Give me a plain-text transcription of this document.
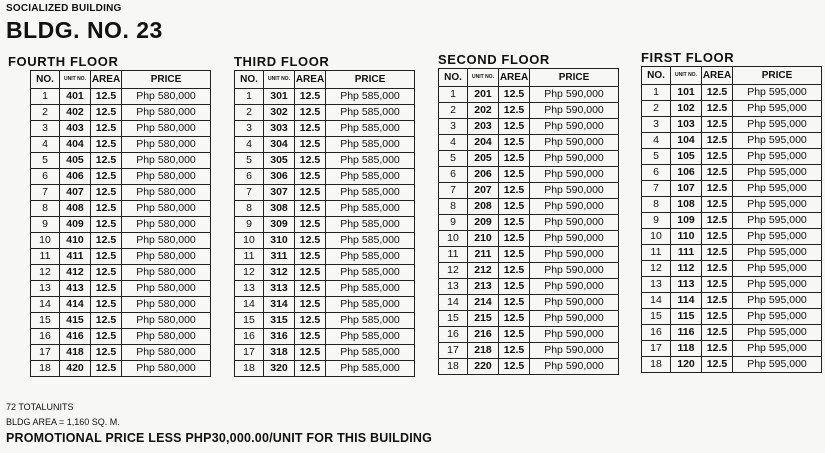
SOCIALIZED BUILDING
BLDG. NO. 23
FOURTH FLOOR
NO.	UNIT NO.	AREA	PRICE
1	401	12.5	Php 580,000
2	402	12.5	Php 580,000
3	403	12.5	Php 580,000
4	404	12.5	Php 580,000
5	405	12.5	Php 580,000
6	406	12.5	Php 580,000
7	407	12.5	Php 580,000
8	408	12.5	Php 580,000
9	409	12.5	Php 580,000
10	410	12.5	Php 580,000
11	411	12.5	Php 580,000
12	412	12.5	Php 580,000
13	413	12.5	Php 580,000
14	414	12.5	Php 580,000
15	415	12.5	Php 580,000
16	416	12.5	Php 580,000
17	418	12.5	Php 580,000
18	420	12.5	Php 580,000
THIRD FLOOR
NO.	UNIT NO.	AREA	PRICE
1	301	12.5	Php 585,000
2	302	12.5	Php 585,000
3	303	12.5	Php 585,000
4	304	12.5	Php 585,000
5	305	12.5	Php 585,000
6	306	12.5	Php 585,000
7	307	12.5	Php 585,000
8	308	12.5	Php 585,000
9	309	12.5	Php 585,000
10	310	12.5	Php 585,000
11	311	12.5	Php 585,000
12	312	12.5	Php 585,000
13	313	12.5	Php 585,000
14	314	12.5	Php 585,000
15	315	12.5	Php 585,000
16	316	12.5	Php 585,000
17	318	12.5	Php 585,000
18	320	12.5	Php 585,000
SECOND FLOOR
NO.	UNIT NO.	AREA	PRICE
1	201	12.5	Php 590,000
2	202	12.5	Php 590,000
3	203	12.5	Php 590,000
4	204	12.5	Php 590,000
5	205	12.5	Php 590,000
6	206	12.5	Php 590,000
7	207	12.5	Php 590,000
8	208	12.5	Php 590,000
9	209	12.5	Php 590,000
10	210	12.5	Php 590,000
11	211	12.5	Php 590,000
12	212	12.5	Php 590,000
13	213	12.5	Php 590,000
14	214	12.5	Php 590,000
15	215	12.5	Php 590,000
16	216	12.5	Php 590,000
17	218	12.5	Php 590,000
18	220	12.5	Php 590,000
FIRST FLOOR
NO.	UNIT NO.	AREA	PRICE
1	101	12.5	Php 595,000
2	102	12.5	Php 595,000
3	103	12.5	Php 595,000
4	104	12.5	Php 595,000
5	105	12.5	Php 595,000
6	106	12.5	Php 595,000
7	107	12.5	Php 595,000
8	108	12.5	Php 595,000
9	109	12.5	Php 595,000
10	110	12.5	Php 595,000
11	111	12.5	Php 595,000
12	112	12.5	Php 595,000
13	113	12.5	Php 595,000
14	114	12.5	Php 595,000
15	115	12.5	Php 595,000
16	116	12.5	Php 595,000
17	118	12.5	Php 595,000
18	120	12.5	Php 595,000
72 TOTALUNITS
BLDG AREA = 1,160 SQ. M.
PROMOTIONAL PRICE LESS PHP30,000.00/UNIT FOR THIS BUILDING
